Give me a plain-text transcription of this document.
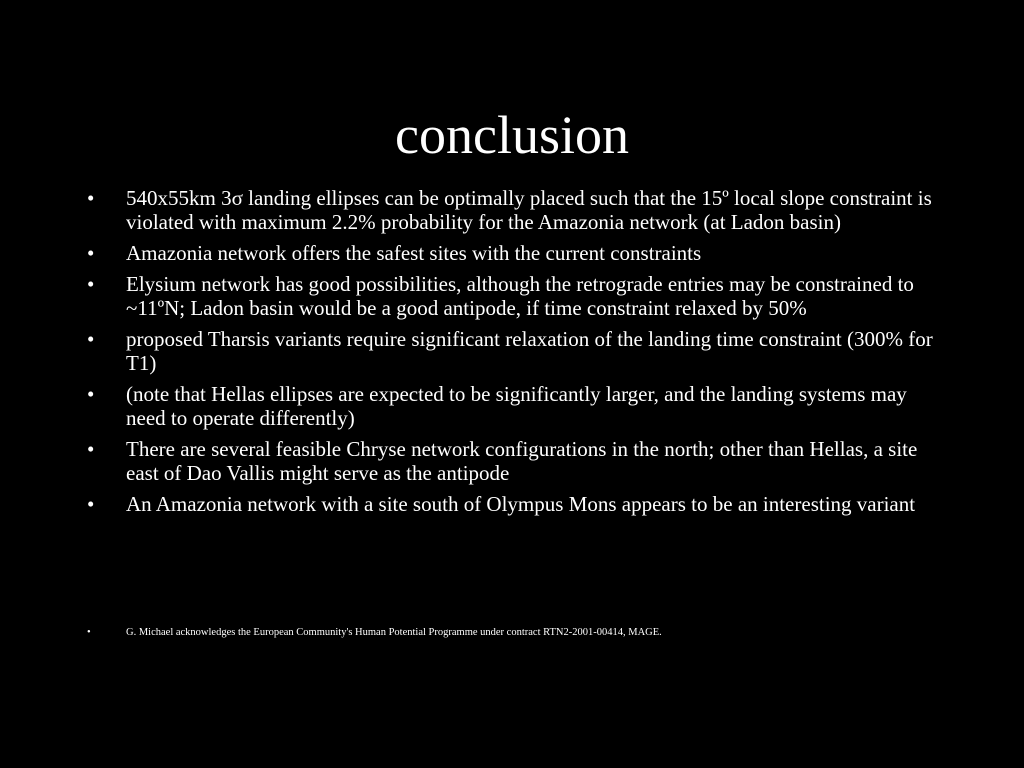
conclusion
•	540x55km 3σ landing ellipses can be optimally placed such that the 15º local slope constraint is violated with maximum 2.2% probability for the Amazonia network (at Ladon basin)
•	Amazonia network offers the safest sites with the current constraints
•	Elysium network has good possibilities, although the retrograde entries may be constrained to ~11ºN; Ladon basin would be a good antipode, if time constraint relaxed by 50%
•	proposed Tharsis variants require significant relaxation of the landing time constraint (300% for T1)
•	(note that Hellas ellipses are expected to be significantly larger, and the landing systems may need to operate differently)
•	There are several feasible Chryse network configurations in the north; other than Hellas, a site east of Dao Vallis might serve as the antipode
•	An Amazonia network with a site south of Olympus Mons appears to be an interesting variant
•	G. Michael acknowledges the European Community's Human Potential Programme under contract RTN2-2001-00414, MAGE.
